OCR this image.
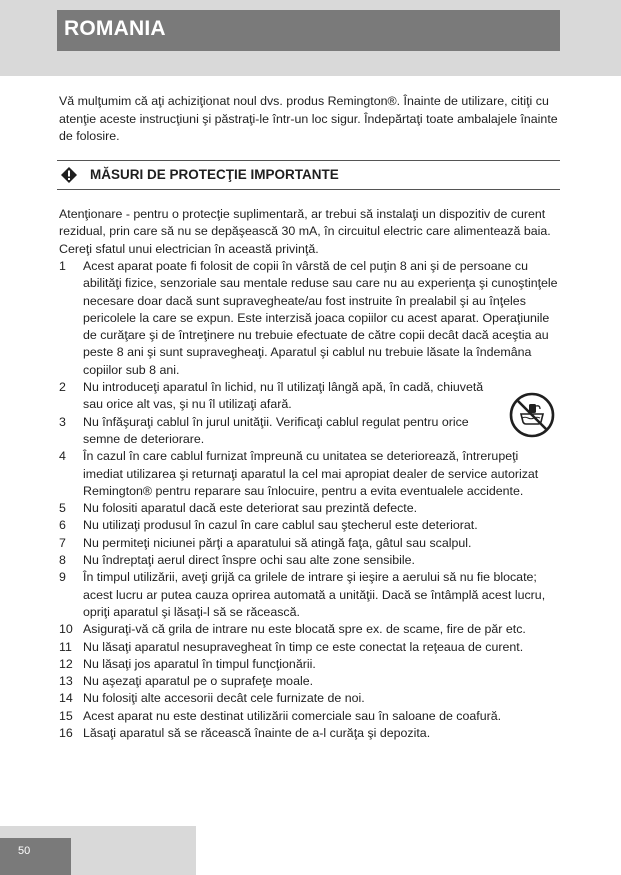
ROMANIA

Vă mulţumim că aţi achiziţionat noul dvs. produs Remington®. Înainte de utilizare, citiţi cu atenţie aceste instrucţiuni şi păstraţi-le într-un loc sigur. Îndepărtaţi toate ambalajele înainte de folosire.

MĂSURI DE PROTECŢIE IMPORTANTE

Atenţionare - pentru o protecţie suplimentară, ar trebui să instalaţi un dispozitiv de curent rezidual, prin care să nu se depăşească 30 mA, în circuitul electric care alimentează baia. Cereţi sfatul unui electrician în această privinţă.

1	Acest aparat poate fi folosit de copii în vârstă de cel puţin 8 ani şi de persoane cu abilităţi fizice, senzoriale sau mentale reduse sau care nu au experienţa şi cunoştinţele necesare doar dacă sunt supravegheate/au fost instruite în prealabil şi au înţeles pericolele la care se expun. Este interzisă joaca copiilor cu acest aparat. Operaţiunile de curăţare şi de întreţinere nu trebuie efectuate de către copii decât dacă aceştia au peste 8 ani şi sunt supravegheaţi. Aparatul şi cablul nu trebuie lăsate la îndemâna copiilor sub 8 ani.
2	Nu introduceţi aparatul în lichid, nu îl utilizaţi lângă apă, în cadă, chiuvetă sau orice alt vas, şi nu îl utilizaţi afară.
3	Nu înfăşuraţi cablul în jurul unităţii. Verificaţi cablul regulat pentru orice semne de deteriorare.
4	În cazul în care cablul furnizat împreună cu unitatea se deteriorează, întrerupeţi imediat utilizarea şi returnaţi aparatul la cel mai apropiat dealer de service autorizat Remington® pentru reparare sau înlocuire, pentru a evita eventualele accidente.
5	Nu folositi aparatul dacă este deteriorat sau prezintă defecte.
6	Nu utilizaţi produsul în cazul în care cablul sau ştecherul este deteriorat.
7	Nu permiteţi niciunei părţi a aparatului să atingă faţa, gâtul sau scalpul.
8	Nu îndreptaţi aerul direct înspre ochi sau alte zone sensibile.
9	În timpul utilizării, aveţi grijă ca grilele de intrare şi ieşire a aerului să nu fie blocate; acest lucru ar putea cauza oprirea automată a unităţii. Dacă se întâmplă acest lucru, opriţi aparatul şi lăsaţi-l să se răcească.
10 Asiguraţi-vă că grila de intrare nu este blocată spre ex. de scame, fire de păr etc.
11 Nu lăsaţi aparatul nesupravegheat în timp ce este conectat la reţeaua de curent.
12 Nu lăsaţi jos aparatul în timpul funcţionării.
13 Nu aşezaţi aparatul pe o suprafeţe moale.
14 Nu folosiţi alte accesorii decât cele furnizate de noi.
15 Acest aparat nu este destinat utilizării comerciale sau în saloane de coafură.
16 Lăsaţi aparatul să se răcească înainte de a-l curăţa şi depozita.
50
